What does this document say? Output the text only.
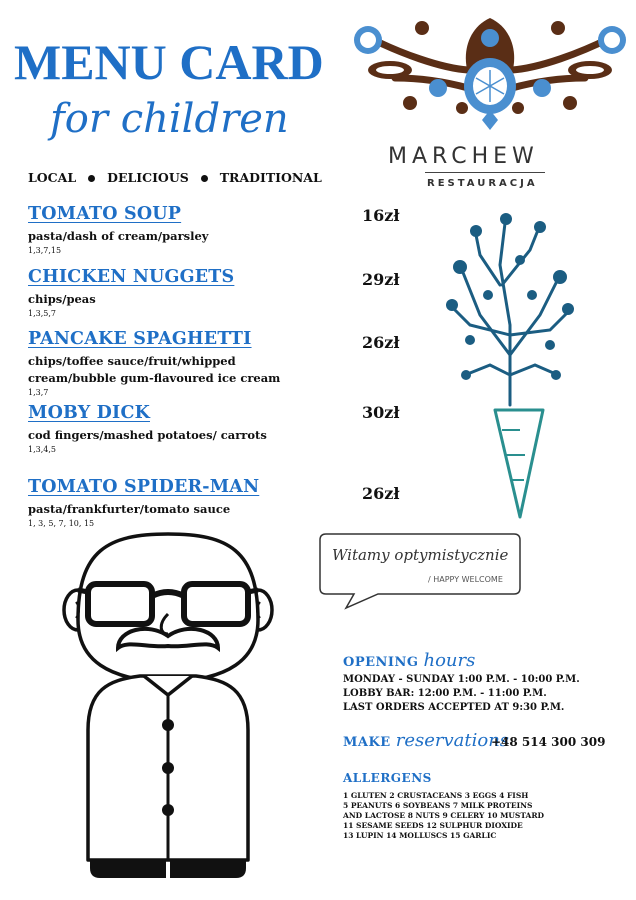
MENU CARD
for children
LOCAL DELICIOUS TRADITIONAL
MARCHEW
RESTAURACJA
TOMATO SOUP
pasta/dash of cream/parsley
1,3,7,15
16zł
CHICKEN NUGGETS
chips/peas
1,3,5,7
29zł
PANCAKE SPAGHETTI
chips/toffee sauce/fruit/whipped cream/bubble gum-flavoured ice cream
1,3,7
26zł
MOBY DICK
cod fingers/mashed potatoes/ carrots
1,3,4,5
30zł
TOMATO SPIDER-MAN
pasta/frankfurter/tomato sauce
1, 3, 5, 7, 10, 15
26zł
Witamy optymistycznie
/ HAPPY WELCOME
OPENING hours
MONDAY - SUNDAY 1:00 P.M. - 10:00 P.M.
LOBBY BAR: 12:00 P.M. - 11:00 P.M.
LAST ORDERS ACCEPTED AT 9:30 P.M.
MAKE reservations
+48 514 300 309
ALLERGENS
1 GLUTEN 2 CRUSTACEANS 3 EGGS 4 FISH
5 PEANUTS 6 SOYBEANS 7 MILK PROTEINS
AND LACTOSE 8 NUTS 9 CELERY 10 MUSTARD
11 SESAME SEEDS 12 SULPHUR DIOXIDE
13 LUPIN 14 MOLLUSCS 15 GARLIC
